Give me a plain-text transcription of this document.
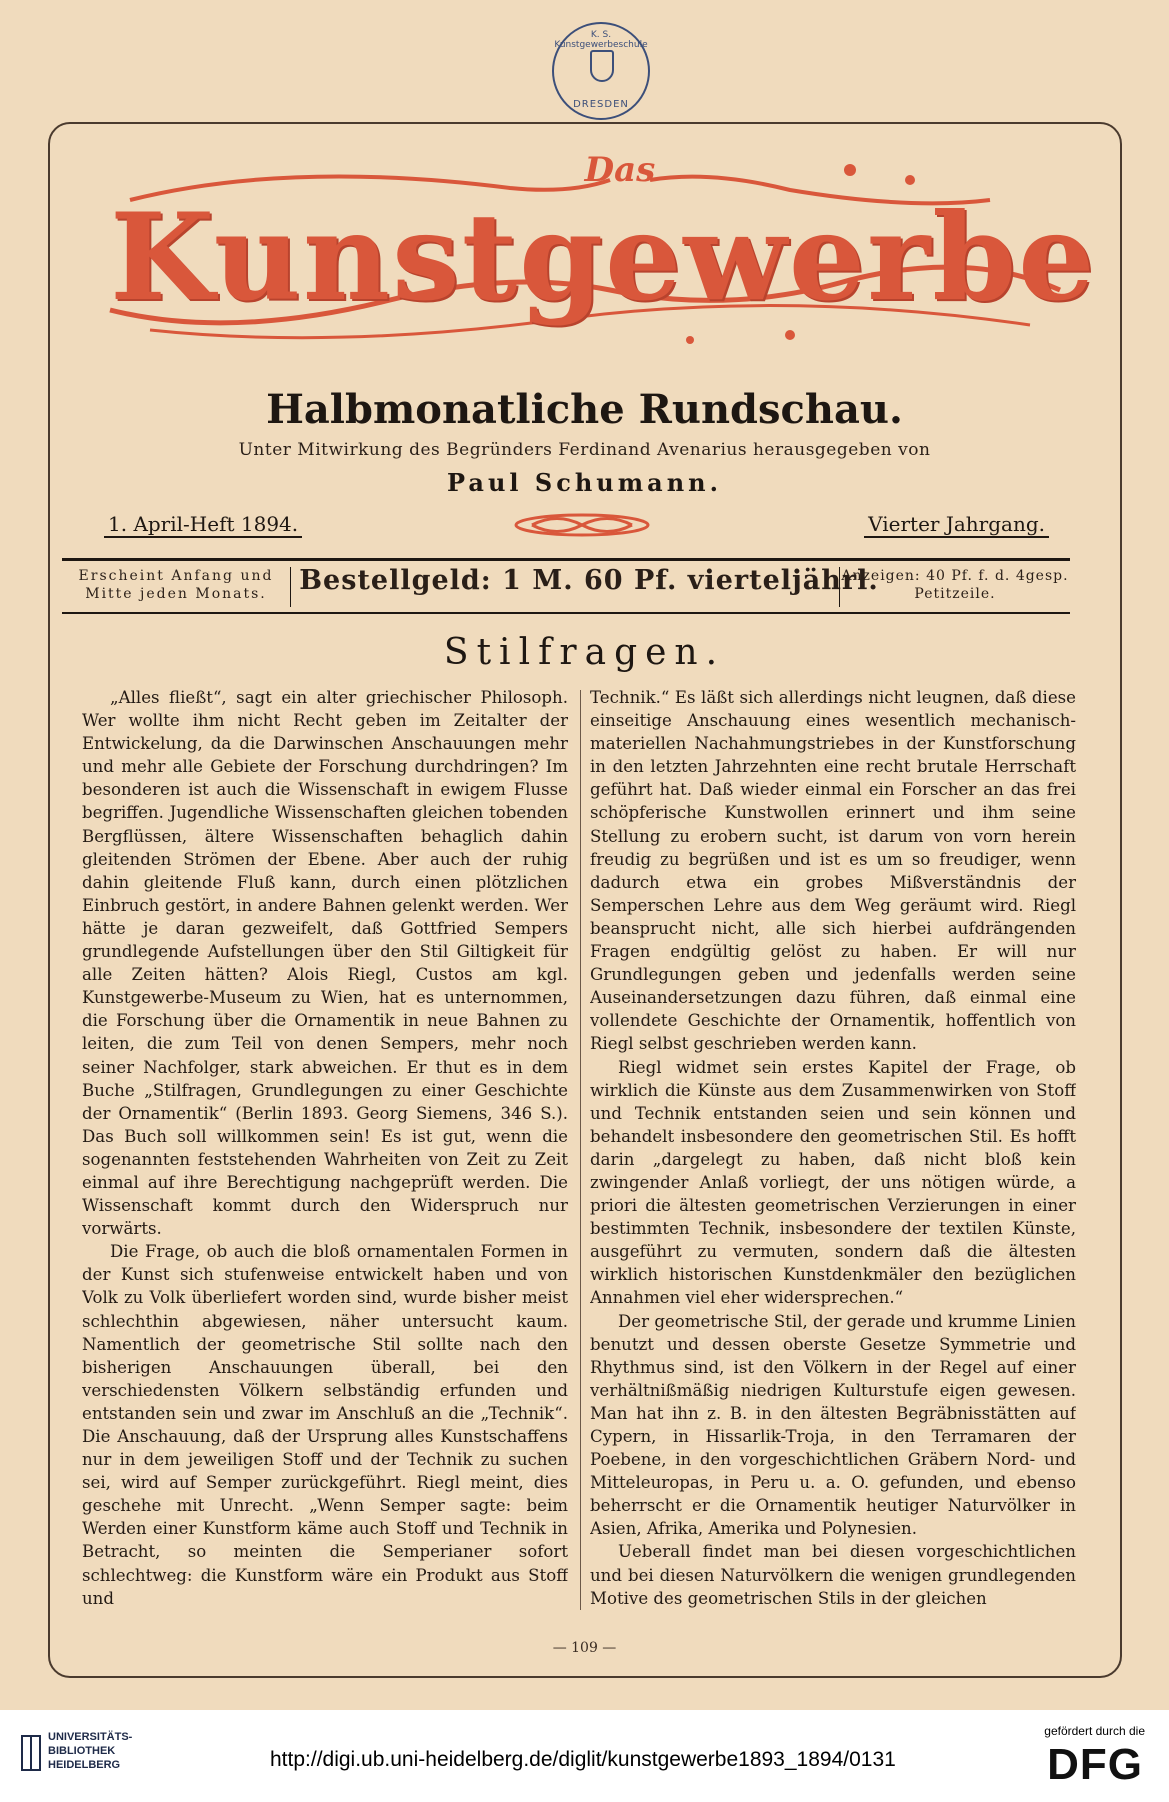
K. S. Kunstgewerbeschule
DRESDEN
Das
Kunstgewerbe
Halbmonatliche Rundschau.
Unter Mitwirkung des Begründers Ferdinand Avenarius herausgegeben von
Paul Schumann.
1. April-Heft 1894.	Vierter Jahrgang.
Erscheint Anfang und Mitte jeden Monats.	Bestellgeld: 1 M. 60 Pf. vierteljährl.
Anzeigen: 40 Pf. f. d. 4gesp. Petitzeile.
Stilfragen.

„Alles fließt“, sagt ein alter griechischer Philosoph. Wer wollte ihm nicht Recht geben im Zeitalter der Entwickelung, da die Darwinschen Anschauungen mehr und mehr alle Gebiete der Forschung durchdringen? Im besonderen ist auch die Wissenschaft in ewigem Flusse begriffen. Jugendliche Wissenschaften gleichen tobenden Bergflüssen, ältere Wissenschaften behaglich dahin gleitenden Strömen der Ebene. Aber auch der ruhig dahin gleitende Fluß kann, durch einen plötzlichen Einbruch gestört, in andere Bahnen gelenkt werden. Wer hätte je daran gezweifelt, daß Gottfried Sempers grundlegende Aufstellungen über den Stil Giltigkeit für alle Zeiten hätten? Alois Riegl, Custos am kgl. Kunstgewerbe-Museum zu Wien, hat es unternommen, die Forschung über die Ornamentik in neue Bahnen zu leiten, die zum Teil von denen Sempers, mehr noch seiner Nachfolger, stark abweichen. Er thut es in dem Buche „Stilfragen, Grundlegungen zu einer Geschichte der Ornamentik“ (Berlin 1893. Georg Siemens, 346 S.). Das Buch soll willkommen sein! Es ist gut, wenn die sogenannten feststehenden Wahrheiten von Zeit zu Zeit einmal auf ihre Berechtigung nachgeprüft werden. Die Wissenschaft kommt durch den Widerspruch nur vorwärts.

Die Frage, ob auch die bloß ornamentalen Formen in der Kunst sich stufenweise entwickelt haben und von Volk zu Volk überliefert worden sind, wurde bisher meist schlechthin abgewiesen, näher untersucht kaum. Namentlich der geometrische Stil sollte nach den bisherigen Anschauungen überall, bei den verschiedensten Völkern selbständig erfunden und entstanden sein und zwar im Anschluß an die „Technik“. Die Anschauung, daß der Ursprung alles Kunstschaffens nur in dem jeweiligen Stoff und der Technik zu suchen sei, wird auf Semper zurückgeführt. Riegl meint, dies geschehe mit Unrecht. „Wenn Semper sagte: beim Werden einer Kunstform käme auch Stoff und Technik in Betracht, so meinten die Semperianer sofort schlechtweg: die Kunstform wäre ein Produkt aus Stoff und

Technik.“ Es läßt sich allerdings nicht leugnen, daß diese einseitige Anschauung eines wesentlich mechanisch-materiellen Nachahmungstriebes in der Kunstforschung in den letzten Jahrzehnten eine recht brutale Herrschaft geführt hat. Daß wieder einmal ein Forscher an das frei schöpferische Kunstwollen erinnert und ihm seine Stellung zu erobern sucht, ist darum von vorn herein freudig zu begrüßen und ist es um so freudiger, wenn dadurch etwa ein grobes Mißverständnis der Semperschen Lehre aus dem Weg geräumt wird. Riegl beansprucht nicht, alle sich hierbei aufdrängenden Fragen endgültig gelöst zu haben. Er will nur Grundlegungen geben und jedenfalls werden seine Auseinandersetzungen dazu führen, daß einmal eine vollendete Geschichte der Ornamentik, hoffentlich von Riegl selbst geschrieben werden kann.

Riegl widmet sein erstes Kapitel der Frage, ob wirklich die Künste aus dem Zusammenwirken von Stoff und Technik entstanden seien und sein können und behandelt insbesondere den geometrischen Stil. Es hofft darin „dargelegt zu haben, daß nicht bloß kein zwingender Anlaß vorliegt, der uns nötigen würde, a priori die ältesten geometrischen Verzierungen in einer bestimmten Technik, insbesondere der textilen Künste, ausgeführt zu vermuten, sondern daß die ältesten wirklich historischen Kunstdenkmäler den bezüglichen Annahmen viel eher widersprechen.“

Der geometrische Stil, der gerade und krumme Linien benutzt und dessen oberste Gesetze Symmetrie und Rhythmus sind, ist den Völkern in der Regel auf einer verhältnißmäßig niedrigen Kulturstufe eigen gewesen. Man hat ihn z. B. in den ältesten Begräbnisstätten auf Cypern, in Hissarlik-Troja, in den Terramaren der Poebene, in den vorgeschichtlichen Gräbern Nord- und Mitteleuropas, in Peru u. a. O. gefunden, und ebenso beherrscht er die Ornamentik heutiger Naturvölker in Asien, Afrika, Amerika und Polynesien.

Ueberall findet man bei diesen vorgeschichtlichen und bei diesen Naturvölkern die wenigen grundlegenden Motive des geometrischen Stils in der gleichen

— 109 —
UNIVERSITÄTS-
BIBLIOTHEK
HEIDELBERG	http://digi.ub.uni-heidelberg.de/diglit/kunstgewerbe1893_1894/0131
gefördert durch die
DFG
